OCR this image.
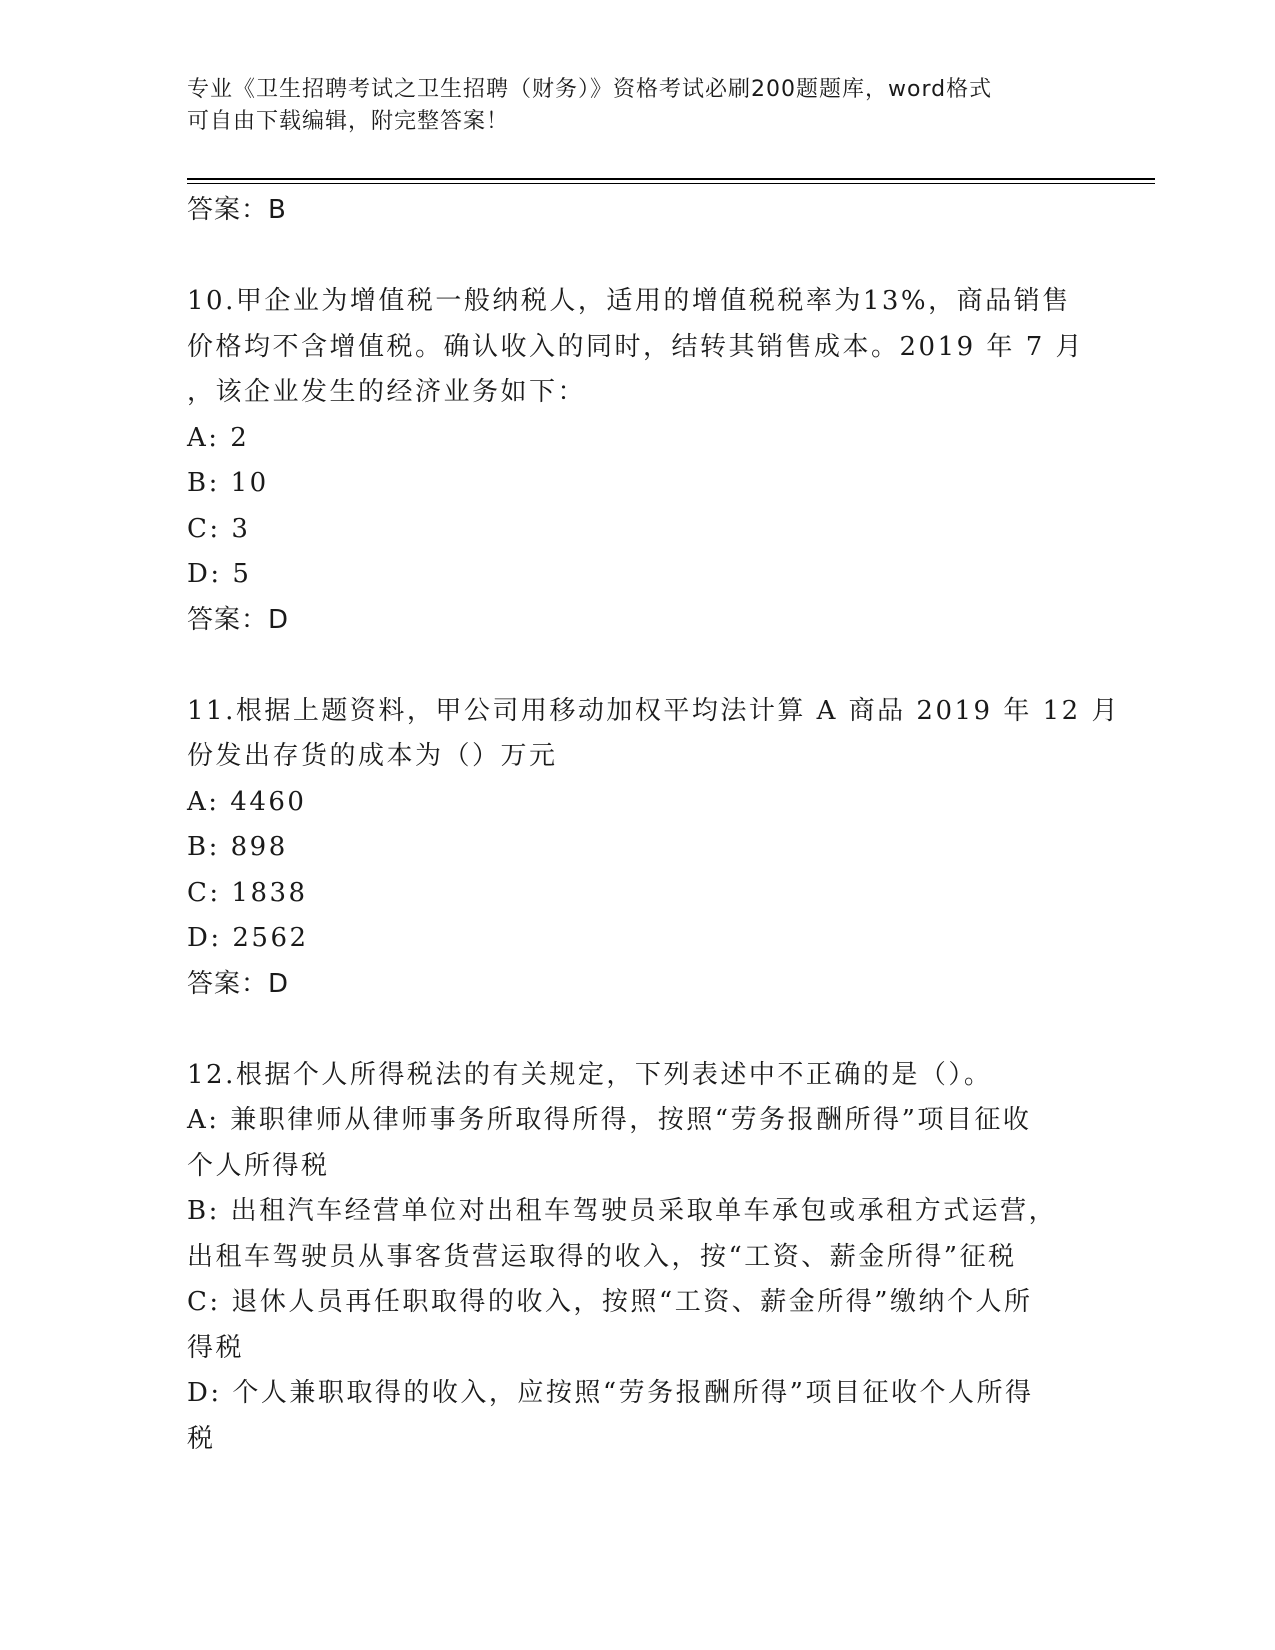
专业《卫生招聘考试之卫生招聘（财务）》资格考试必刷200题题库，word格式
可自由下载编辑，附完整答案！
答案：B
10.甲企业为增值税一般纳税人，适用的增值税税率为13%，商品销售
价格均不含增值税。确认收入的同时，结转其销售成本。2019 年 7 月
，该企业发生的经济业务如下：
A: 2
B: 10
C: 3
D: 5
答案：D
11.根据上题资料，甲公司用移动加权平均法计算 A 商品 2019 年 12 月
份发出存货的成本为（）万元
A: 4460
B: 898
C: 1838
D: 2562
答案：D
12.根据个人所得税法的有关规定，下列表述中不正确的是（）。
A: 兼职律师从律师事务所取得所得，按照“劳务报酬所得”项目征收
个人所得税
B: 出租汽车经营单位对出租车驾驶员采取单车承包或承租方式运营，
出租车驾驶员从事客货营运取得的收入，按“工资、薪金所得”征税
C: 退休人员再任职取得的收入，按照“工资、薪金所得”缴纳个人所
得税
D: 个人兼职取得的收入，应按照“劳务报酬所得”项目征收个人所得
税
